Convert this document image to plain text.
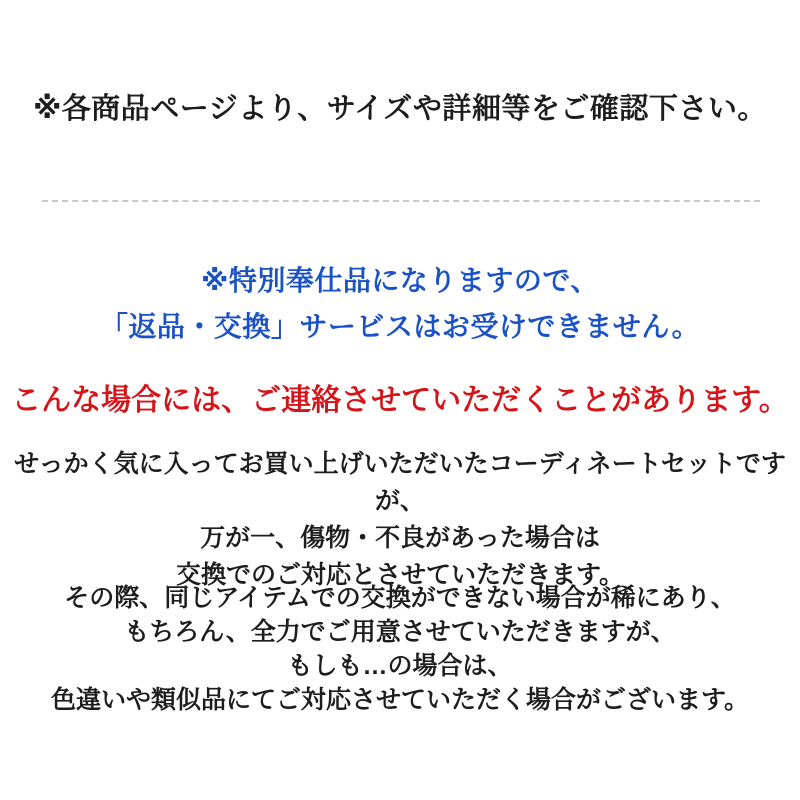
※各商品ページより、サイズや詳細等をご確認下さい。
※特別奉仕品になりますので、
「返品・交換」サービスはお受けできません。
こんな場合には、ご連絡させていただくことがあります。
せっかく気に入ってお買い上げいただいたコーディネートセットですが、
万が一、傷物・不良があった場合は
交換でのご対応とさせていただきます。
その際、同じアイテムでの交換ができない場合が稀にあり、
もちろん、全力でご用意させていただきますが、
もしも…の場合は、
色違いや類似品にてご対応させていただく場合がございます。
